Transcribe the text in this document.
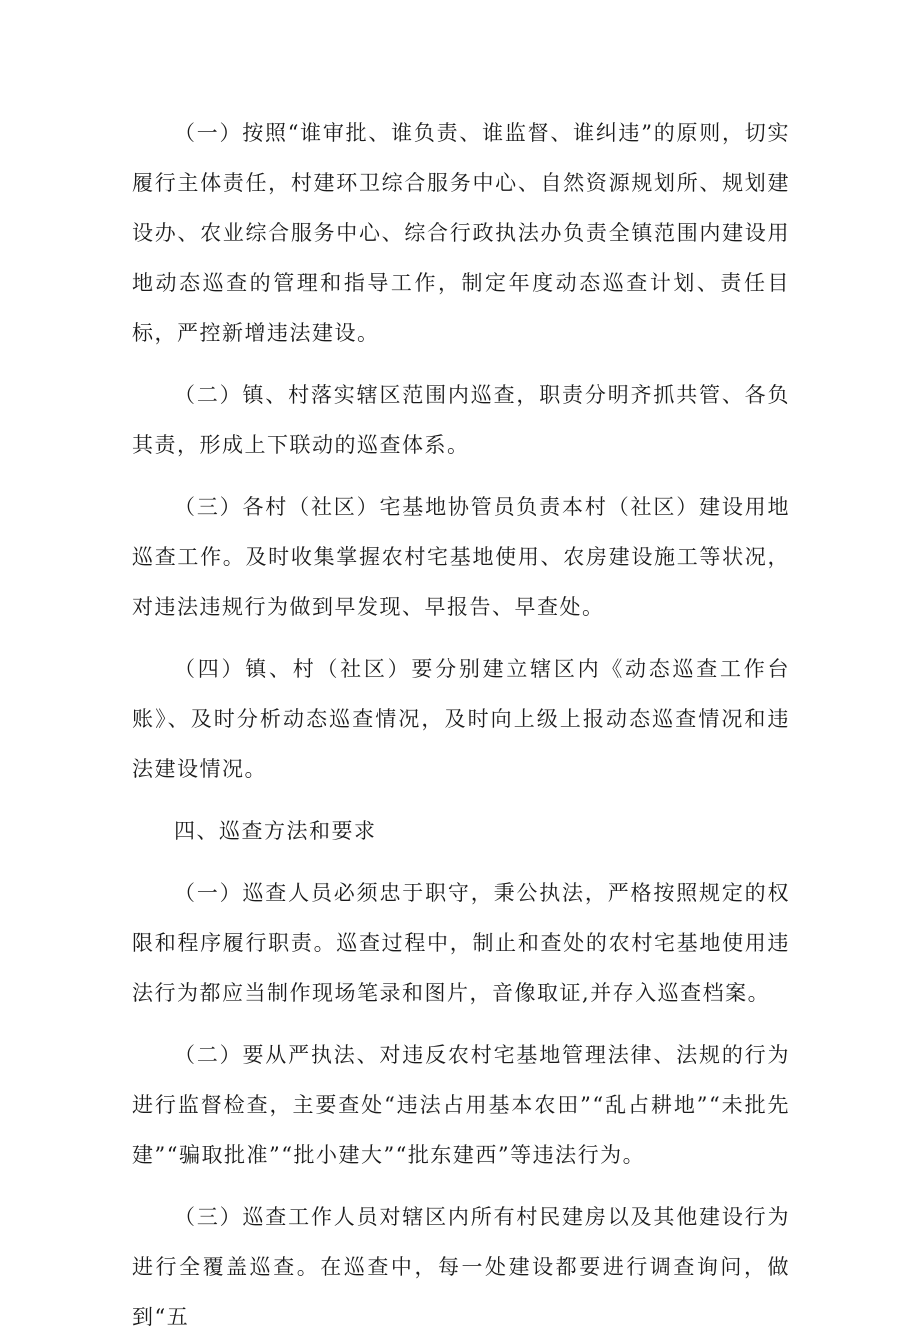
（一）按照“谁审批、谁负责、谁监督、谁纠违”的原则，切实履行主体责任，村建环卫综合服务中心、自然资源规划所、规划建设办、农业综合服务中心、综合行政执法办负责全镇范围内建设用地动态巡查的管理和指导工作，制定年度动态巡查计划、责任目标，严控新增违法建设。

（二）镇、村落实辖区范围内巡查，职责分明齐抓共管、各负其责，形成上下联动的巡查体系。

（三）各村（社区）宅基地协管员负责本村（社区）建设用地巡查工作。及时收集掌握农村宅基地使用、农房建设施工等状况，对违法违规行为做到早发现、早报告、早查处。

（四）镇、村（社区）要分别建立辖区内《动态巡查工作台账》、及时分析动态巡查情况，及时向上级上报动态巡查情况和违法建设情况。

四、巡查方法和要求

（一）巡查人员必须忠于职守，秉公执法，严格按照规定的权限和程序履行职责。巡查过程中，制止和查处的农村宅基地使用违法行为都应当制作现场笔录和图片，音像取证,并存入巡查档案。

（二）要从严执法、对违反农村宅基地管理法律、法规的行为进行监督检查，主要查处“违法占用基本农田”“乱占耕地”“未批先建”“骗取批准”“批小建大”“批东建西”等违法行为。

（三）巡查工作人员对辖区内所有村民建房以及其他建设行为进行全覆盖巡查。在巡查中，每一处建设都要进行调查询问，做到“五
